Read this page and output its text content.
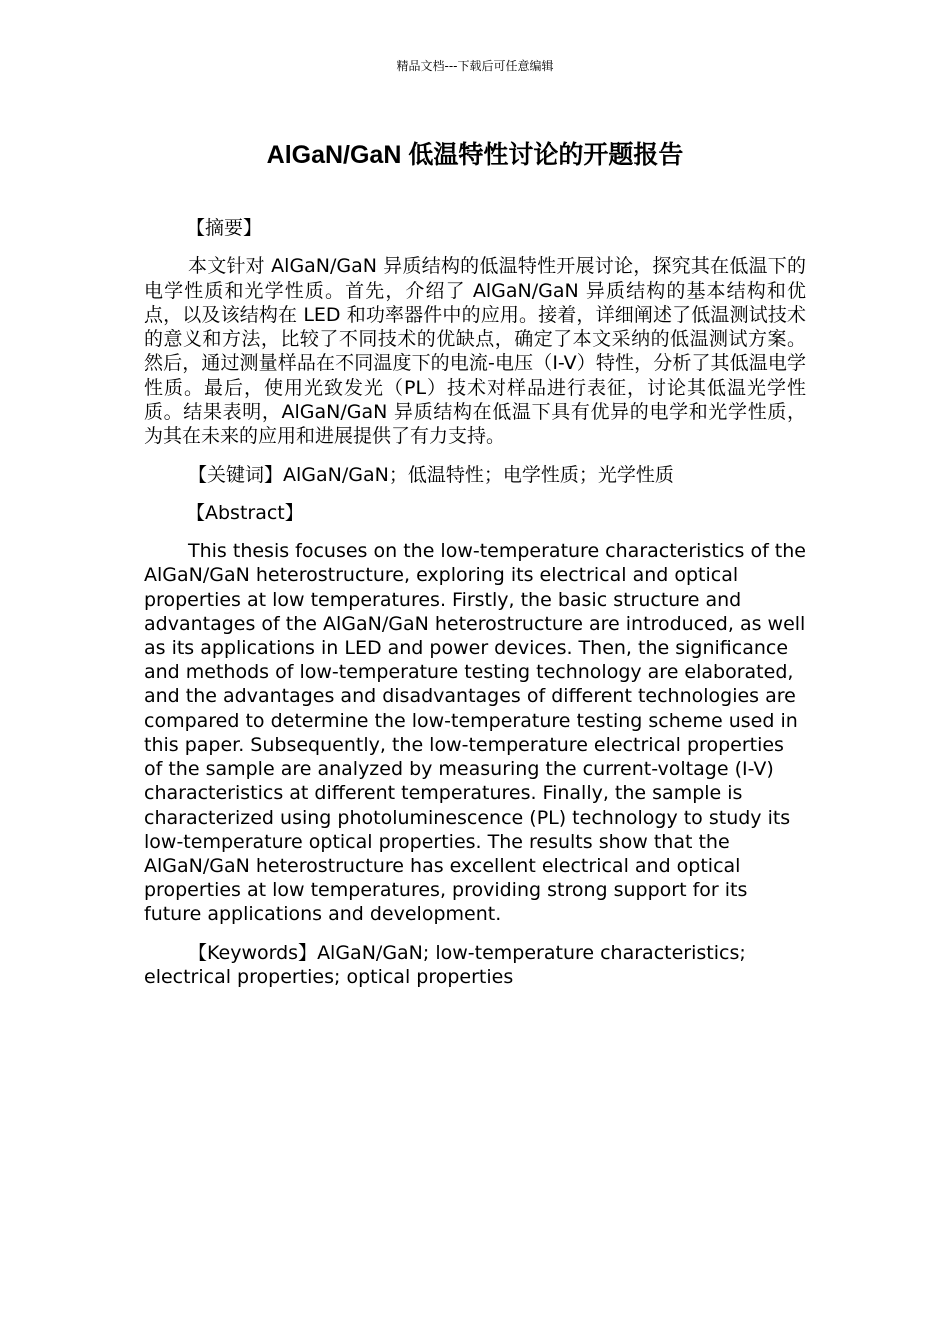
精品文档---下载后可任意编辑
AlGaN/GaN 低温特性讨论的开题报告
【摘要】
本文针对 AlGaN/GaN 异质结构的低温特性开展讨论，探究其在低温下的电学性质和光学性质。首先，介绍了 AlGaN/GaN 异质结构的基本结构和优点，以及该结构在 LED 和功率器件中的应用。接着，详细阐述了低温测试技术的意义和方法，比较了不同技术的优缺点，确定了本文采纳的低温测试方案。然后，通过测量样品在不同温度下的电流-电压（I-V）特性，分析了其低温电学性质。最后，使用光致发光（PL）技术对样品进行表征，讨论其低温光学性质。结果表明，AlGaN/GaN 异质结构在低温下具有优异的电学和光学性质，为其在未来的应用和进展提供了有力支持。
【关键词】AlGaN/GaN；低温特性；电学性质；光学性质
【Abstract】
This thesis focuses on the low-temperature characteristics of the AlGaN/GaN heterostructure, exploring its electrical and optical properties at low temperatures. Firstly, the basic structure and advantages of the AlGaN/GaN heterostructure are introduced, as well as its applications in LED and power devices. Then, the significance and methods of low-temperature testing technology are elaborated, and the advantages and disadvantages of different technologies are compared to determine the low-temperature testing scheme used in this paper. Subsequently, the low-temperature electrical properties of the sample are analyzed by measuring the current-voltage (I-V) characteristics at different temperatures. Finally, the sample is characterized using photoluminescence (PL) technology to study its low-temperature optical properties. The results show that the AlGaN/GaN heterostructure has excellent electrical and optical properties at low temperatures, providing strong support for its future applications and development.
【Keywords】AlGaN/GaN; low-temperature characteristics; electrical properties; optical properties
